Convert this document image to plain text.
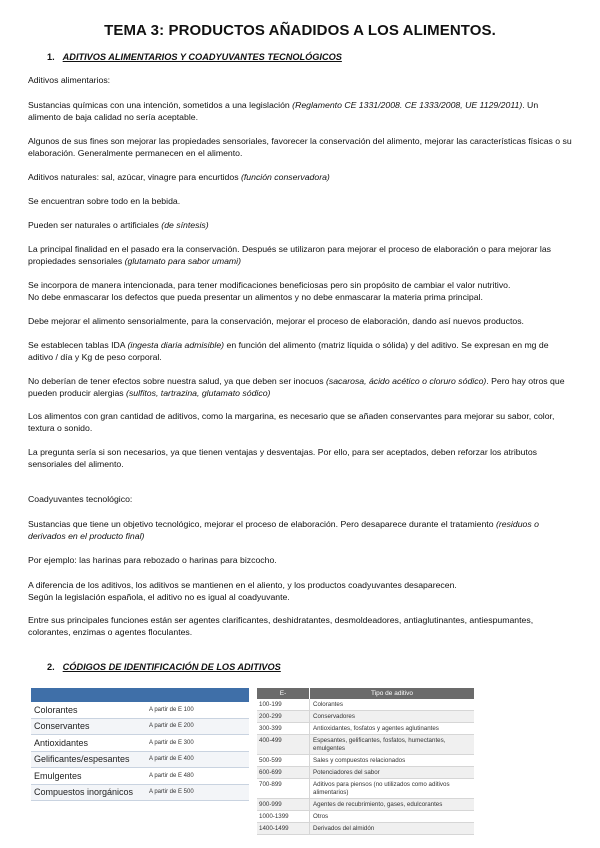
TEMA 3: PRODUCTOS AÑADIDOS A LOS ALIMENTOS.
1. ADITIVOS ALIMENTARIOS Y COADYUVANTES TECNOLÓGICOS

Aditivos alimentarios:

Sustancias químicas con una intención, sometidos a una legislación (Reglamento CE 1331/2008. CE 1333/2008, UE 1129/2011). Un alimento de baja calidad no sería aceptable.

Algunos de sus fines son mejorar las propiedades sensoriales, favorecer la conservación del alimento, mejorar las características físicas o su elaboración. Generalmente permanecen en el alimento.

Aditivos naturales: sal, azúcar, vinagre para encurtidos (función conservadora)

Se encuentran sobre todo en la bebida.

Pueden ser naturales o artificiales (de síntesis)

La principal finalidad en el pasado era la conservación. Después se utilizaron para mejorar el proceso de elaboración o para mejorar las propiedades sensoriales (glutamato para sabor umami)

Se incorpora de manera intencionada, para tener modificaciones beneficiosas pero sin propósito de cambiar el valor nutritivo.
No debe enmascarar los defectos que pueda presentar un alimentos y no debe enmascarar la materia prima principal.

Debe mejorar el alimento sensorialmente, para la conservación, mejorar el proceso de elaboración, dando así nuevos productos.

Se establecen tablas IDA (ingesta diaria admisible) en función del alimento (matriz líquida o sólida) y del aditivo. Se expresan en mg de aditivo / día y Kg de peso corporal.

No deberían de tener efectos sobre nuestra salud, ya que deben ser inocuos (sacarosa, ácido acético o cloruro sódico). Pero hay otros que pueden producir alergias (sulfitos, tartrazina, glutamato sódico)

Los alimentos con gran cantidad de aditivos, como la margarina, es necesario que se añaden conservantes para mejorar su sabor, color, textura o sonido.

La pregunta sería si son necesarios, ya que tienen ventajas y desventajas. Por ello, para ser aceptados, deben reforzar los atributos sensoriales del alimento.

Coadyuvantes tecnológico:

Sustancias que tiene un objetivo tecnológico, mejorar el proceso de elaboración. Pero desaparece durante el tratamiento (residuos o derivados en el producto final)

Por ejemplo: las harinas para rebozado o harinas para bizcocho.

A diferencia de los aditivos, los aditivos se mantienen en el aliento, y los productos coadyuvantes desaparecen.
Según la legislación española, el aditivo no es igual al coadyuvante.

Entre sus principales funciones están ser agentes clarificantes, deshidratantes, desmoldeadores, antiaglutinantes, antiespumantes, colorantes, enzimas o agentes floculantes.

2. CÓDIGOS DE IDENTIFICACIÓN DE LOS ADITIVOS
Colorantes	A partir de E 100
Conservantes	A partir de E 200
Antioxidantes	A partir de E 300
Gelificantes/espesantes	A partir de E 400
Emulgentes	A partir de E 480
Compuestos inorgánicos	A partir de E 500
E-	Tipo de aditivo
100-199	Colorantes
200-299	Conservadores
300-399	Antioxidantes, fosfatos y agentes aglutinantes
400-499	Espesantes, gelificantes, fosfatos, humectantes, emulgentes
500-599	Sales y compuestos relacionados
600-699	Potenciadores del sabor
700-899	Aditivos para piensos (no utilizados como aditivos alimentarios)
900-999	Agentes de recubrimiento, gases, edulcorantes
1000-1399	Otros
1400-1499	Derivados del almidón
